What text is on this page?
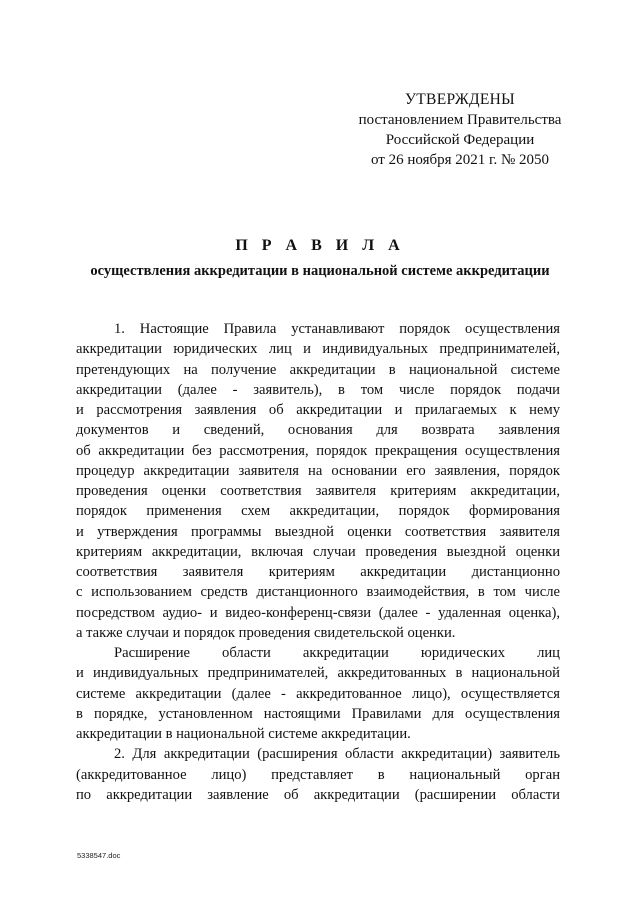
УТВЕРЖДЕНЫ
постановлением Правительства
Российской Федерации
от 26 ноября 2021 г. № 2050
П Р А В И Л А
осуществления аккредитации в национальной системе аккредитации
1. Настоящие Правила устанавливают порядок осуществления
аккредитации юридических лиц и индивидуальных предпринимателей,
претендующих на получение аккредитации в национальной системе
аккредитации (далее - заявитель), в том числе порядок подачи
и рассмотрения заявления об аккредитации и прилагаемых к нему
документов и сведений, основания для возврата заявления
об аккредитации без рассмотрения, порядок прекращения осуществления
процедур аккредитации заявителя на основании его заявления, порядок
проведения оценки соответствия заявителя критериям аккредитации,
порядок применения схем аккредитации, порядок формирования
и утверждения программы выездной оценки соответствия заявителя
критериям аккредитации, включая случаи проведения выездной оценки
соответствия заявителя критериям аккредитации дистанционно
с использованием средств дистанционного взаимодействия, в том числе
посредством аудио- и видео-конференц-связи (далее - удаленная оценка),
а также случаи и порядок проведения свидетельской оценки.
Расширение области аккредитации юридических лиц
и индивидуальных предпринимателей, аккредитованных в национальной
системе аккредитации (далее - аккредитованное лицо), осуществляется
в порядке, установленном настоящими Правилами для осуществления
аккредитации в национальной системе аккредитации.
2. Для аккредитации (расширения области аккредитации) заявитель
(аккредитованное лицо) представляет в национальный орган
по аккредитации заявление об аккредитации (расширении области
5338547.doc
